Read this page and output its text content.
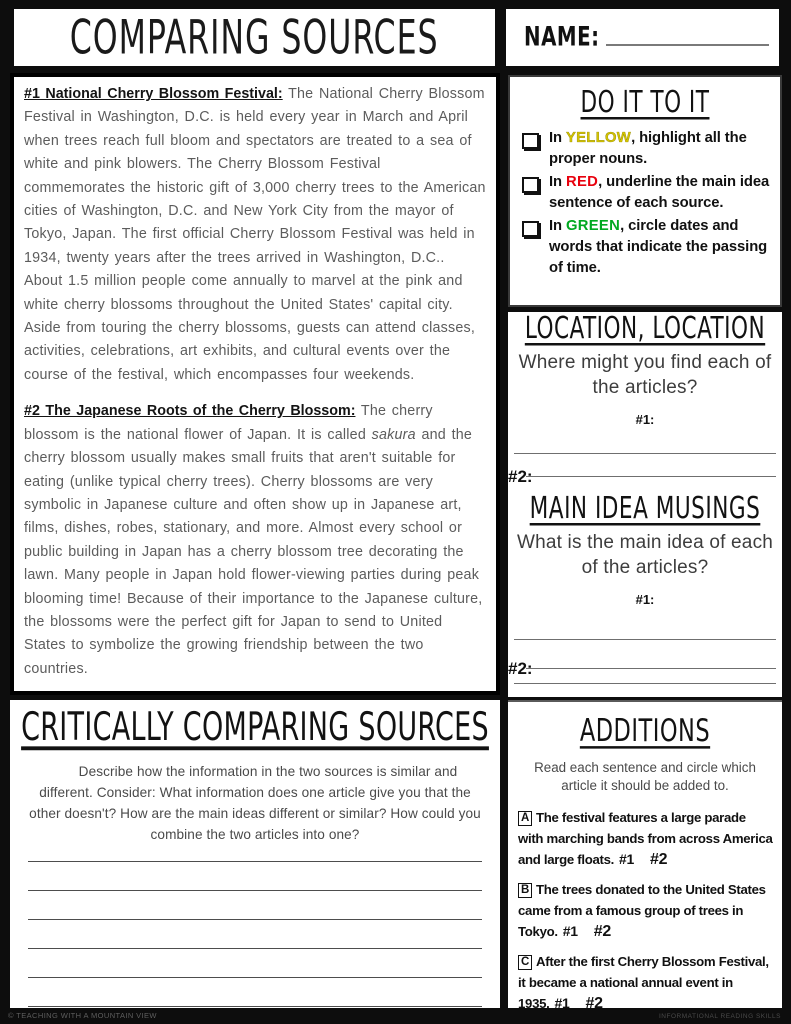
COMPARING SOURCES	NAME:

#1 National Cherry Blossom Festival: The National Cherry Blossom Festival in Washington, D.C. is held every year in March and April when trees reach full bloom and spectators are treated to a sea of white and pink blowers. The Cherry Blossom Festival commemorates the historic gift of 3,000 cherry trees to the American cities of Washington, D.C. and New York City from the mayor of Tokyo, Japan. The first official Cherry Blossom Festival was held in 1934, twenty years after the trees arrived in Washington, D.C.. About 1.5 million people come annually to marvel at the pink and white cherry blossoms throughout the United States' capital city. Aside from touring the cherry blossoms, guests can attend classes, activities, celebrations, art exhibits, and cultural events over the course of the festival, which encompasses four weekends.

#2 The Japanese Roots of the Cherry Blossom: The cherry blossom is the national flower of Japan. It is called sakura and the cherry blossom usually makes small fruits that aren't suitable for eating (unlike typical cherry trees). Cherry blossoms are very symbolic in Japanese culture and often show up in Japanese art, films, dishes, robes, stationary, and more. Almost every school or public building in Japan has a cherry blossom tree decorating the lawn. Many people in Japan hold flower-viewing parties during peak blooming time! Because of their importance to the Japanese culture, the blossoms were the perfect gift for Japan to send to United States to symbolize the growing friendship between the two countries.

DO IT TO IT
In YELLOW, highlight all the proper nouns.
In RED, underline the main idea sentence of each source.
In GREEN, circle dates and words that indicate the passing of time.
LOCATION, LOCATION
Where might you find each of the articles?
#1:
#2:
MAIN IDEA MUSINGS
What is the main idea of each of the articles?
#1:
#2:
CRITICALLY COMPARING SOURCES
Describe how the information in the two sources is similar and different. Consider: What information does one article give you that the other doesn't? How are the main ideas different or similar? How could you combine the two articles into one?
ADDITIONS
Read each sentence and circle which article it should be added to.
A The festival features a large parade with marching bands from across America and large floats. #1 #2
B The trees donated to the United States came from a famous group of trees in Tokyo. #1 #2
C After the first Cherry Blossom Festival, it became a national annual event in 1935. #1 #2
© TEACHING WITH A MOUNTAIN VIEW	INFORMATIONAL READING SKILLS
